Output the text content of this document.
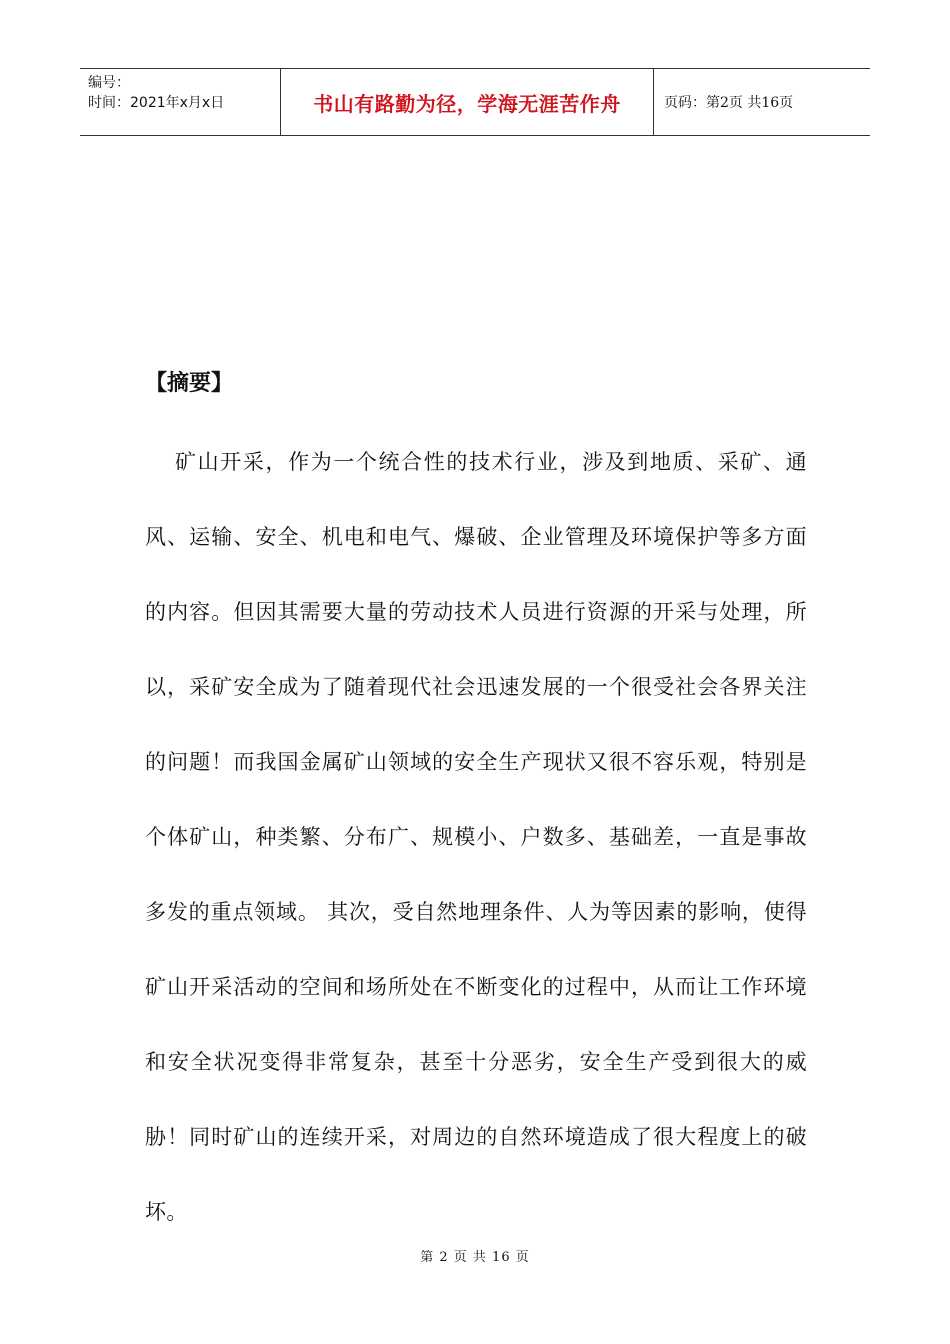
编号：
时间：2021年x月x日	书山有路勤为径，学海无涯苦作舟	页码：第2页 共16页
【摘要】

矿山开采，作为一个统合性的技术行业，涉及到地质、采矿、通风、运输、安全、机电和电气、爆破、企业管理及环境保护等多方面的内容。但因其需要大量的劳动技术人员进行资源的开采与处理，所以，采矿安全成为了随着现代社会迅速发展的一个很受社会各界关注的问题！而我国金属矿山领域的安全生产现状又很不容乐观，特别是个体矿山，种类繁、分布广、规模小、户数多、基础差，一直是事故多发的重点领域。 其次，受自然地理条件、人为等因素的影响，使得矿山开采活动的空间和场所处在不断变化的过程中，从而让工作环境和安全状况变得非常复杂，甚至十分恶劣，安全生产受到很大的威胁！同时矿山的连续开采，对周边的自然环境造成了很大程度上的破坏。

第 2 页 共 16 页
